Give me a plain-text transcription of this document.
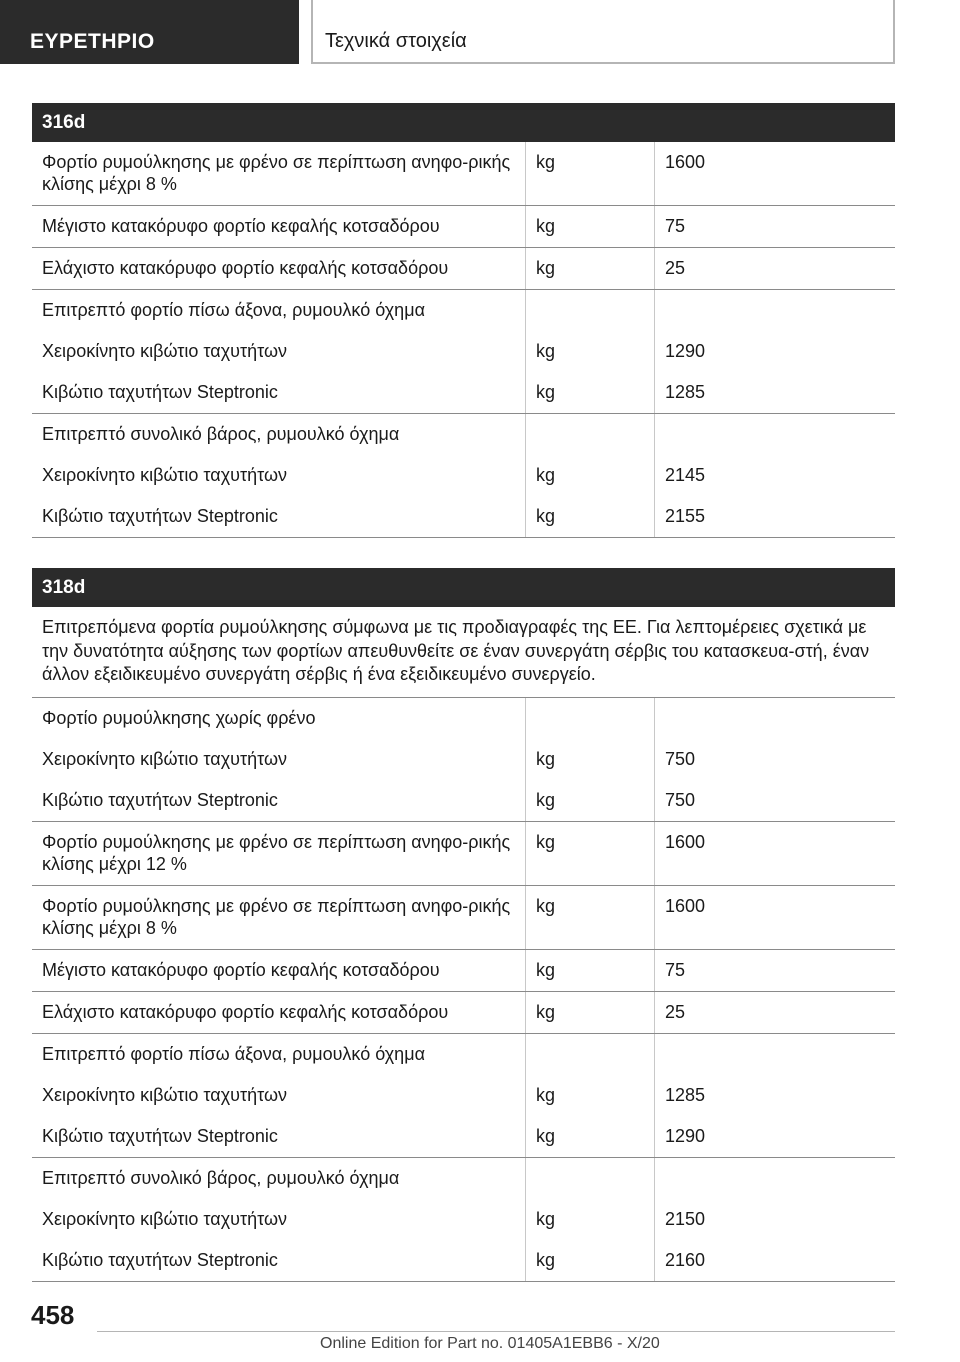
ΕΥΡΕΤΗΡΙΟ	Τεχνικά στοιχεία
316d
Φορτίο ρυμούλκησης με φρένο σε περίπτωση ανηφο-ρικής κλίσης μέχρι 8 %	kg	1600
Μέγιστο κατακόρυφο φορτίο κεφαλής κοτσαδόρου	kg	75
Ελάχιστο κατακόρυφο φορτίο κεφαλής κοτσαδόρου	kg	25
Επιτρεπτό φορτίο πίσω άξονα, ρυμουλκό όχημα		
Χειροκίνητο κιβώτιο ταχυτήτων	kg	1290
Κιβώτιο ταχυτήτων Steptronic	kg	1285
Επιτρεπτό συνολικό βάρος, ρυμουλκό όχημα		
Χειροκίνητο κιβώτιο ταχυτήτων	kg	2145
Κιβώτιο ταχυτήτων Steptronic	kg	2155
318d
Επιτρεπόμενα φορτία ρυμούλκησης σύμφωνα με τις προδιαγραφές της ΕΕ. Για λεπτομέρειες σχετικά με την δυνατότητα αύξησης των φορτίων απευθυνθείτε σε έναν συνεργάτη σέρβις του κατασκευα-στή, έναν άλλον εξειδικευμένο συνεργάτη σέρβις ή ένα εξειδικευμένο συνεργείο.		
Φορτίο ρυμούλκησης χωρίς φρένο		
Χειροκίνητο κιβώτιο ταχυτήτων	kg	750
Κιβώτιο ταχυτήτων Steptronic	kg	750
Φορτίο ρυμούλκησης με φρένο σε περίπτωση ανηφο-ρικής κλίσης μέχρι 12 %	kg	1600
Φορτίο ρυμούλκησης με φρένο σε περίπτωση ανηφο-ρικής κλίσης μέχρι 8 %	kg	1600
Μέγιστο κατακόρυφο φορτίο κεφαλής κοτσαδόρου	kg	75
Ελάχιστο κατακόρυφο φορτίο κεφαλής κοτσαδόρου	kg	25
Επιτρεπτό φορτίο πίσω άξονα, ρυμουλκό όχημα		
Χειροκίνητο κιβώτιο ταχυτήτων	kg	1285
Κιβώτιο ταχυτήτων Steptronic	kg	1290
Επιτρεπτό συνολικό βάρος, ρυμουλκό όχημα		
Χειροκίνητο κιβώτιο ταχυτήτων	kg	2150
Κιβώτιο ταχυτήτων Steptronic	kg	2160
458
Online Edition for Part no. 01405A1EBB6 - X/20
